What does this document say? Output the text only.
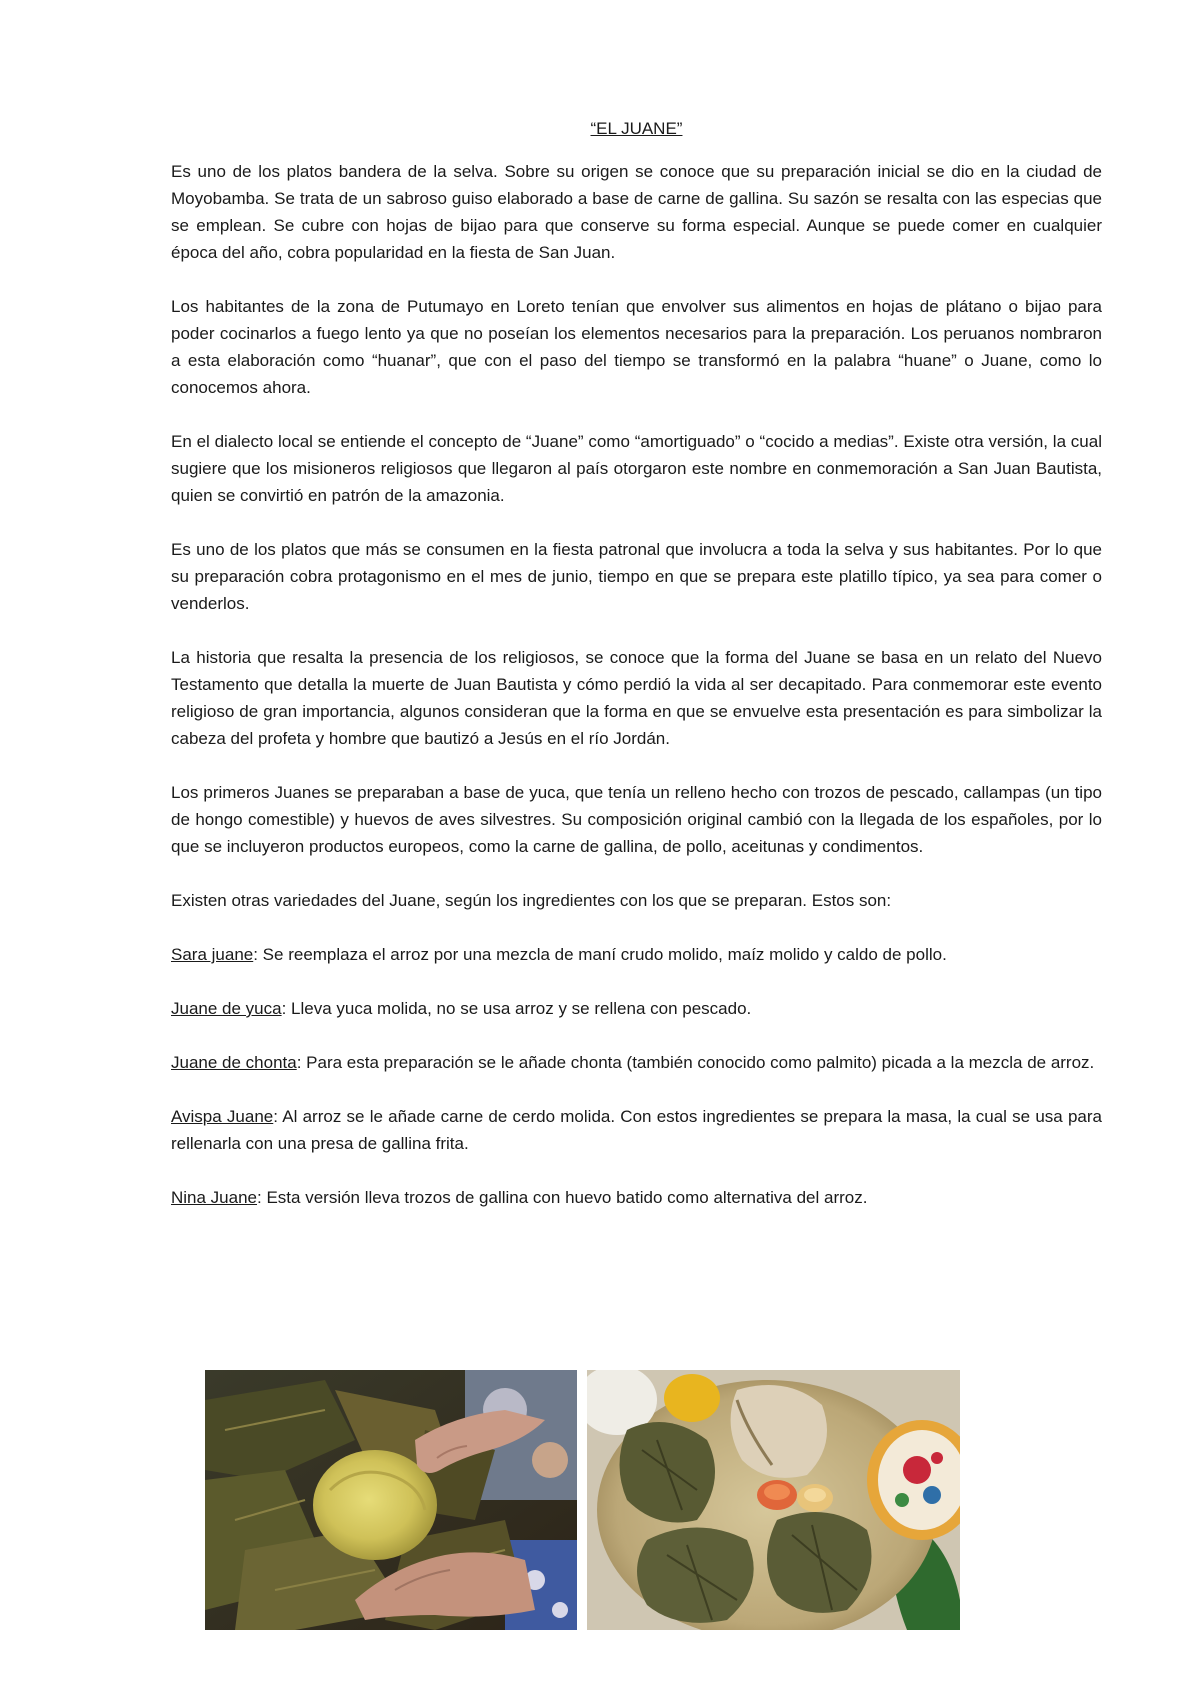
“EL JUANE”

Es uno de los platos bandera de la selva. Sobre su origen se conoce que su preparación inicial se dio en la ciudad de Moyobamba. Se trata de un sabroso guiso elaborado a base de carne de gallina. Su sazón se resalta con las especias que se emplean. Se cubre con hojas de bijao para que conserve su forma especial. Aunque se puede comer en cualquier época del año, cobra popularidad en la fiesta de San Juan.

Los habitantes de la zona de Putumayo en Loreto tenían que envolver sus alimentos en hojas de plátano o bijao para poder cocinarlos a fuego lento ya que no poseían los elementos necesarios para la preparación. Los peruanos nombraron a esta elaboración como “huanar”, que con el paso del tiempo se transformó en la palabra “huane” o Juane, como lo conocemos ahora.

En el dialecto local se entiende el concepto de “Juane” como “amortiguado” o “cocido a medias”. Existe otra versión, la cual sugiere que los misioneros religiosos que llegaron al país otorgaron este nombre en conmemoración a San Juan Bautista, quien se convirtió en patrón de la amazonia.

Es uno de los platos que más se consumen en la fiesta patronal que involucra a toda la selva y sus habitantes. Por lo que su preparación cobra protagonismo en el mes de junio, tiempo en que se prepara este platillo típico, ya sea para comer o venderlos.

La historia que resalta la presencia de los religiosos, se conoce que la forma del Juane se basa en un relato del Nuevo Testamento que detalla la muerte de Juan Bautista y cómo perdió la vida al ser decapitado. Para conmemorar este evento religioso de gran importancia, algunos consideran que la forma en que se envuelve esta presentación es para simbolizar la cabeza del profeta y hombre que bautizó a Jesús en el río Jordán.

Los primeros Juanes se preparaban a base de yuca, que tenía un relleno hecho con trozos de pescado, callampas (un tipo de hongo comestible) y huevos de aves silvestres. Su composición original cambió con la llegada de los españoles, por lo que se incluyeron productos europeos, como la carne de gallina, de pollo, aceitunas y condimentos.

Existen otras variedades del Juane, según los ingredientes con los que se preparan. Estos son:

Sara juane: Se reemplaza el arroz por una mezcla de maní crudo molido, maíz molido y caldo de pollo.

Juane de yuca: Lleva yuca molida, no se usa arroz y se rellena con pescado.

Juane de chonta: Para esta preparación se le añade chonta (también conocido como palmito) picada a la mezcla de arroz.

Avispa Juane: Al arroz se le añade carne de cerdo molida. Con estos ingredientes se prepara la masa, la cual se usa para rellenarla con una presa de gallina frita.

Nina Juane: Esta versión lleva trozos de gallina con huevo batido como alternativa del arroz.
